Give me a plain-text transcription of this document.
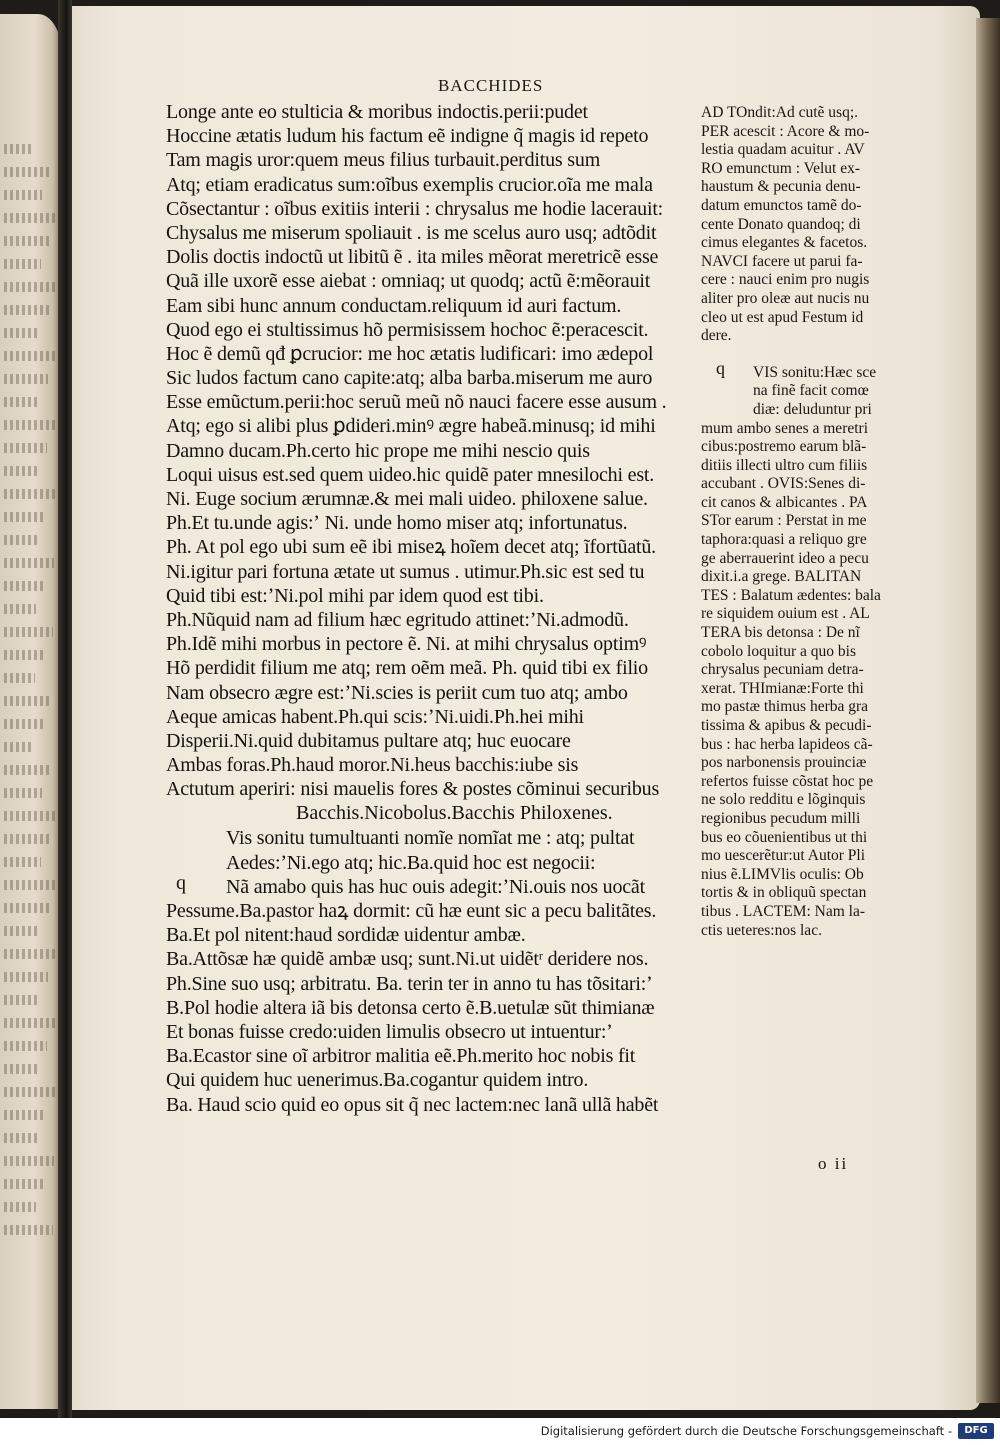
BACCHIDES
Longe ante eo stulticia & moribus indoctis.perii:pudet
Hoccine ætatis ludum his factum eẽ indigne q̃ magis id repeto
Tam magis uror:quem meus filius turbauit.perditus sum
Atq; etiam eradicatus sum:oĩbus exemplis crucior.oĩa me mala
Cõsectantur : oĩbus exitiis interii : chrysalus me hodie lacerauit:
Chysalus me miserum spoliauit . is me scelus auro usq; adtõdit
Dolis doctis indoctũ ut libitũ ẽ . ita miles mẽorat meretricẽ esse
Quã ille uxorẽ esse aiebat : omniaq; ut quodq; actũ ẽ:mẽorauit
Eam sibi hunc annum conductam.reliquum id auri factum.
Quod ego ei stultissimus hõ permisissem hochoc ẽ:peracescit.
Hoc ẽ demũ qđ ꝑcrucior: me hoc ætatis ludificari: imo ædepol
Sic ludos factum cano capite:atq; alba barba.miserum me auro
Esse emũctum.perii:hoc seruũ meũ nõ nauci facere esse ausum .
Atq; ego si alibi plus ꝑdideri.minꝰ ægre habeã.minusq; id mihi
Damno ducam.Ph.certo hic prope me mihi nescio quis
Loqui uisus est.sed quem uideo.hic quidẽ pater mnesilochi est.
Ni. Euge socium ærumnæ.& mei mali uideo. philoxene salue.
Ph.Et tu.unde agis:ʼ Ni. unde homo miser atq; infortunatus.
Ph. At pol ego ubi sum eẽ ibi miseꝝ hoĩem decet atq; ĩfortũatũ.
Ni.igitur pari fortuna ætate ut sumus . utimur.Ph.sic est sed tu
Quid tibi est:ʼNi.pol mihi par idem quod est tibi.
Ph.Nũquid nam ad filium hæc egritudo attinet:ʼNi.admodũ.
Ph.Idẽ mihi morbus in pectore ẽ. Ni. at mihi chrysalus optimꝰ
Hõ perdidit filium me atq; rem oẽm meã. Ph. quid tibi ex filio
Nam obsecro ægre est:ʼNi.scies is periit cum tuo atq; ambo
Aeque amicas habent.Ph.qui scis:ʼNi.uidi.Ph.hei mihi
Disperii.Ni.quid dubitamus pultare atq; huc euocare
Ambas foras.Ph.haud moror.Ni.heus bacchis:iube sis
Actutum aperiri: nisi mauelis fores & postes cõminui securibus
Bacchis.Nicobolus.Bacchis Philoxenes.
Vis sonitu tumultuanti nomĩe nomĩat me : atq; pultat
Aedes:ʼNi.ego atq; hic.Ba.quid hoc est negocii:
Nã amabo quis has huc ouis adegit:ʼNi.ouis nos uocãt
Pessume.Ba.pastor haꝝ dormit: cũ hæ eunt sic a pecu balitãtes.
Ba.Et pol nitent:haud sordidæ uidentur ambæ.
Ba.Attõsæ hæ quidẽ ambæ usq; sunt.Ni.ut uidẽtʳ deridere nos.
Ph.Sine suo usq; arbitratu. Ba. terin ter in anno tu has tõsitari:ʼ
B.Pol hodie altera iã bis detonsa certo ẽ.B.uetulæ sũt thimianæ
Et bonas fuisse credo:uiden limulis obsecro ut intuentur:ʼ
Ba.Ecastor sine oĩ arbitror malitia eẽ.Ph.merito hoc nobis fit
Qui quidem huc uenerimus.Ba.cogantur quidem intro.
Ba. Haud scio quid eo opus sit q̃ nec lactem:nec lanã ullã habẽt
AD TOndit:Ad cutẽ usq;.
PER acescit : Acore & mo-
lestia quadam acuitur . AV
RO emunctum : Velut ex-
haustum & pecunia denu-
datum emunctos tamẽ do-
cente Donato quandoq; di
cimus elegantes & facetos.
NAVCI facere ut parui fa-
cere : nauci enim pro nugis
aliter pro oleæ aut nucis nu
cleo ut est apud Festum id
dere.
VIS sonitu:Hæc sce
na finẽ facit comœ
diæ: deluduntur pri
mum ambo senes a meretri
cibus:postremo earum blã-
ditiis illecti ultro cum filiis
accubant . OVIS:Senes di-
cit canos & albicantes . PA
STor earum : Perstat in me
taphora:quasi a reliquo gre
ge aberrauerint ideo a pecu
dixit.i.a grege. BALITAN
TES : Balatum ædentes: bala
re siquidem ouium est . AL
TERA bis detonsa : De nĩ
cobolo loquitur a quo bis
chrysalus pecuniam detra-
xerat. THImianæ:Forte thi
mo pastæ thimus herba gra
tissima & apibus & pecudi-
bus : hac herba lapideos cã-
pos narbonensis prouinciæ
refertos fuisse cõstat hoc pe
ne solo redditu e lõginquis
regionibus pecudum milli
bus eo cõuenientibus ut thi
mo uescerẽtur:ut Autor Pli
nius ẽ.LIMVlis oculis: Ob
tortis & in obliquũ spectan
tibus . LACTEM: Nam la-
ctis ueteres:nos lac.
q
q
o ii
Digitalisierung gefördert durch die Deutsche Forschungsgemeinschaft -	DFG
